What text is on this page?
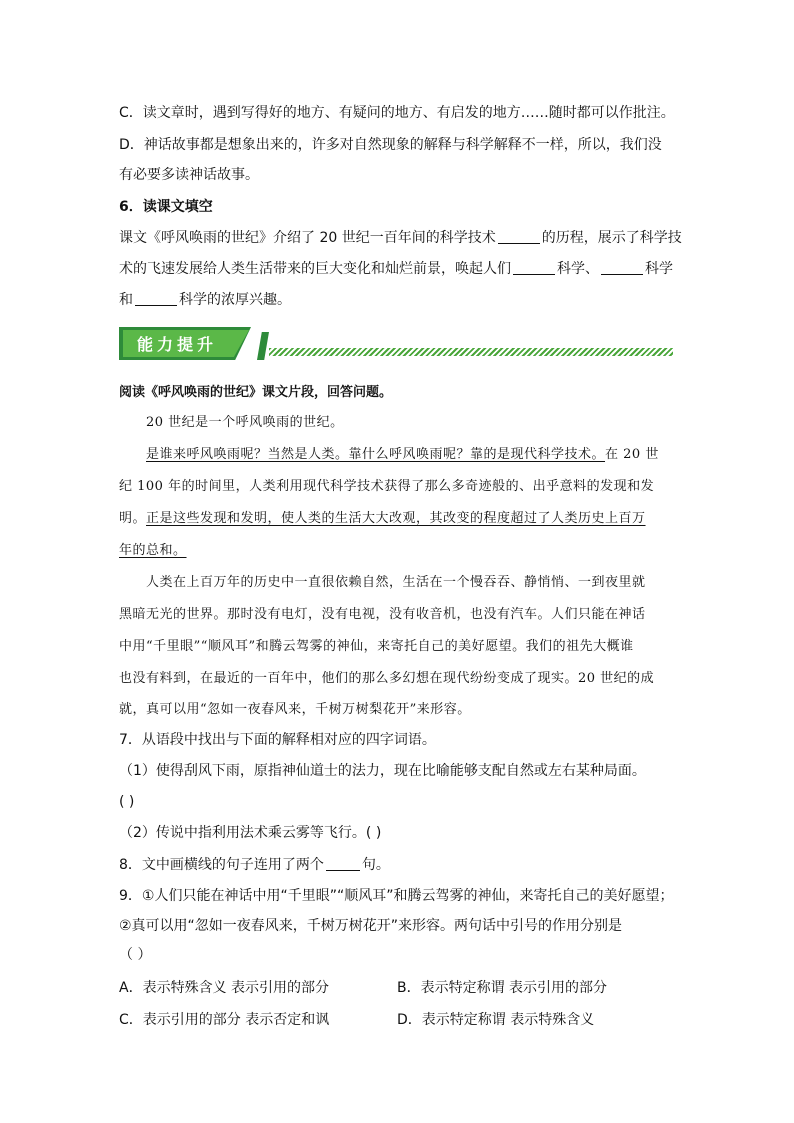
C．读文章时，遇到写得好的地方、有疑问的地方、有启发的地方……随时都可以作批注。
D．神话故事都是想象出来的，许多对自然现象的解释与科学解释不一样，所以，我们没
有必要多读神话故事。
6．读课文填空
课文《呼风唤雨的世纪》介绍了 20 世纪一百年间的科学技术	的历程，展示了科学技
术的飞速发展给人类生活带来的巨大变化和灿烂前景，唤起人们	科学、	科学
和	科学的浓厚兴趣。
能力提升
阅读《呼风唤雨的世纪》课文片段，回答问题。
20 世纪是一个呼风唤雨的世纪。
是谁来呼风唤雨呢？当然是人类。靠什么呼风唤雨呢？靠的是现代科学技术。在 20 世
纪 100 年的时间里，人类利用现代科学技术获得了那么多奇迹般的、出乎意料的发现和发
明。正是这些发现和发明，使人类的生活大大改观，其改变的程度超过了人类历史上百万
年的总和。
人类在上百万年的历史中一直很依赖自然，生活在一个慢吞吞、静悄悄、一到夜里就
黑暗无光的世界。那时没有电灯，没有电视，没有收音机，也没有汽车。人们只能在神话
中用“千里眼”“顺风耳”和腾云驾雾的神仙，来寄托自己的美好愿望。我们的祖先大概谁
也没有料到，在最近的一百年中，他们的那么多幻想在现代纷纷变成了现实。20 世纪的成
就，真可以用“忽如一夜春风来，千树万树梨花开”来形容。
7．从语段中找出与下面的解释相对应的四字词语。
（1）使得刮风下雨，原指神仙道士的法力，现在比喻能够支配自然或左右某种局面。
( )
（2）传说中指利用法术乘云雾等飞行。( )
8．文中画横线的句子连用了两个	句。
9．①人们只能在神话中用“千里眼”“顺风耳”和腾云驾雾的神仙，来寄托自己的美好愿望；
②真可以用“忽如一夜春风来，千树万树花开”来形容。两句话中引号的作用分别是
（ ）
A．表示特殊含义 表示引用的部分	B．表示特定称谓 表示引用的部分
C．表示引用的部分 表示否定和讽	D．表示特定称谓 表示特殊含义
